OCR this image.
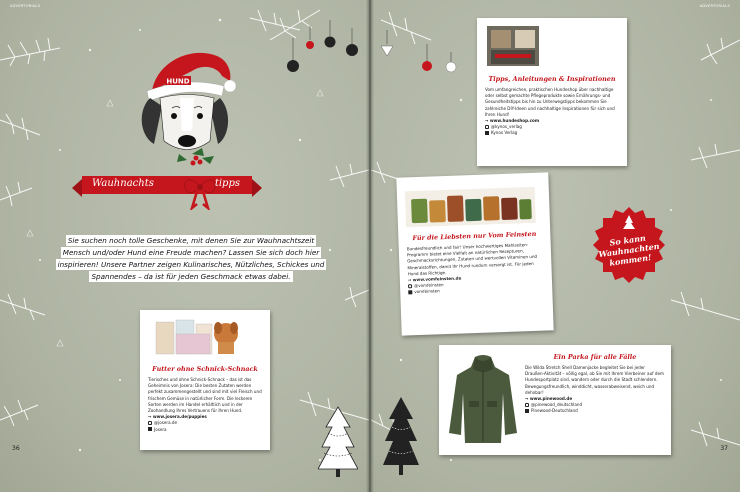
ADVERTORIALS
HUND
Wauhnachts	tipps

Sie suchen noch tolle Geschenke, mit denen Sie zur Wauhnachtszeit Mensch und/oder Hund eine Freude machen? Lassen Sie sich doch hier inspirieren! Unsere Partner zeigen Kulinarisches, Nützliches, Schickes und Spannendes – da ist für jeden Geschmack etwas dabei.

Futter ohne Schnick-Schnack
Tierisches und ohne Schnick-Schnack – das ist das Geheimnis von Josera: Die besten Zutaten werden perfekt zusammengestellt und sind mit viel Fleisch und frischem Gemüse in natürlicher Form. Die leckeren Sorten werden im Handel erhältlich und in der Zoohandlung Ihres Vertrauens für Ihren Hund.
→ www.josera.de/puppies
@josera.de
Josera
36
ADVERTORIALS
Tipps, Anleitungen & Inspirationen
Vom umfangreichen, praktischen Hundeshop über nachhaltige oder selbst gemachte Pflegeprodukte sowie Ernährungs- und Gesundheitstipps bis hin zu Unterwegstipps bekommen Sie zahlreiche DIY-Ideen und nachhaltige Inspirationen für sich und Ihren Hund!
→ www.hundeshop.com
@kynos_verlag
Kynos Verlag
Für die Liebsten nur Vom Feinsten
Bundesfreundlich und fair! Unser hochwertiges Mahlzeiten-Programm bietet eine Vielfalt an natürlichen Rezepturen, Geschmacksrichtungen, Zutaten und wertvollen Vitaminen und Mineralstoffen, damit Ihr Hund rundum versorgt ist. Für jeden Hund das Richtige.
→ www.vomfeinsten.de
@vomfeinsten
vomfeinsten
So kann Wauhnachten kommen!
Ein Parka für alle Fälle
Die Wilda Stretch Shell Damenjacke begleitet Sie bei jeder Draußen-Aktivität – völlig egal, ob Sie mit Ihrem Vierbeiner auf dem Hundesportplatz sind, wandern oder durch die Stadt schlendern. Bewegungsfreundlich, winddicht, wasserabweisend, weich und dehnbar!
→ www.pinewood.de
@pinewood_deutschland
Pinewood-Deutschland
37
